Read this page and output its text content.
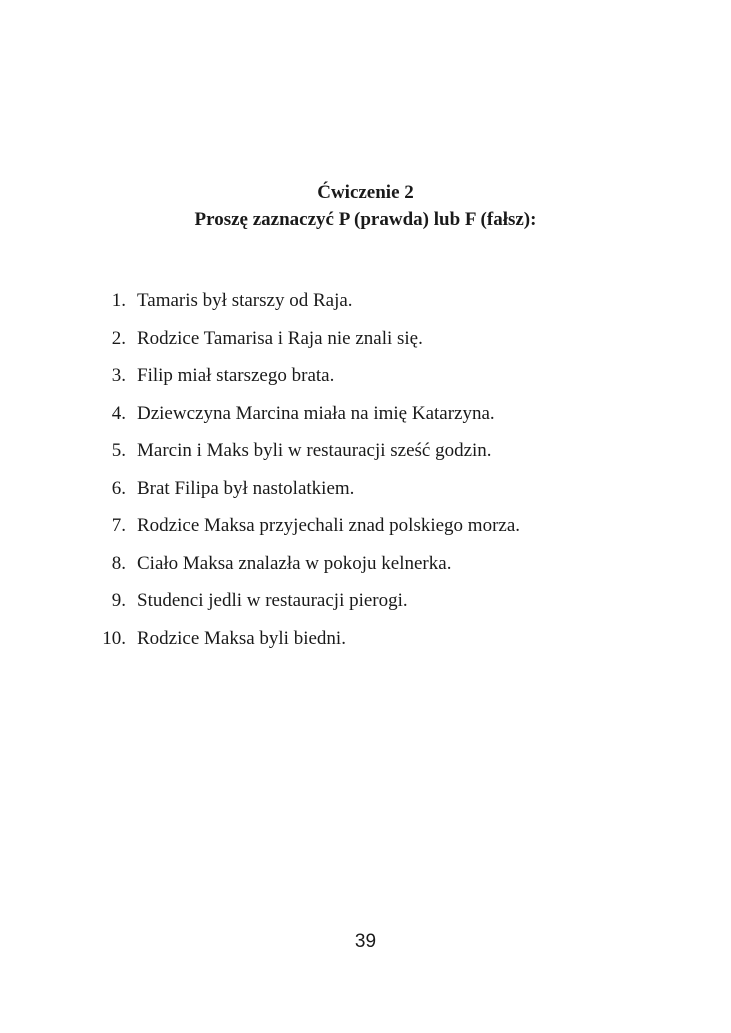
Ćwiczenie 2
Proszę zaznaczyć P (prawda) lub F (fałsz):
1. Tamaris był starszy od Raja.
2. Rodzice Tamarisa i Raja nie znali się.
3. Filip miał starszego brata.
4. Dziewczyna Marcina miała na imię Katarzyna.
5. Marcin i Maks byli w restauracji sześć godzin.
6. Brat Filipa był nastolatkiem.
7. Rodzice Maksa przyjechali znad polskiego morza.
8. Ciało Maksa znalazła w pokoju kelnerka.
9. Studenci jedli w restauracji pierogi.
10. Rodzice Maksa byli biedni.
39
